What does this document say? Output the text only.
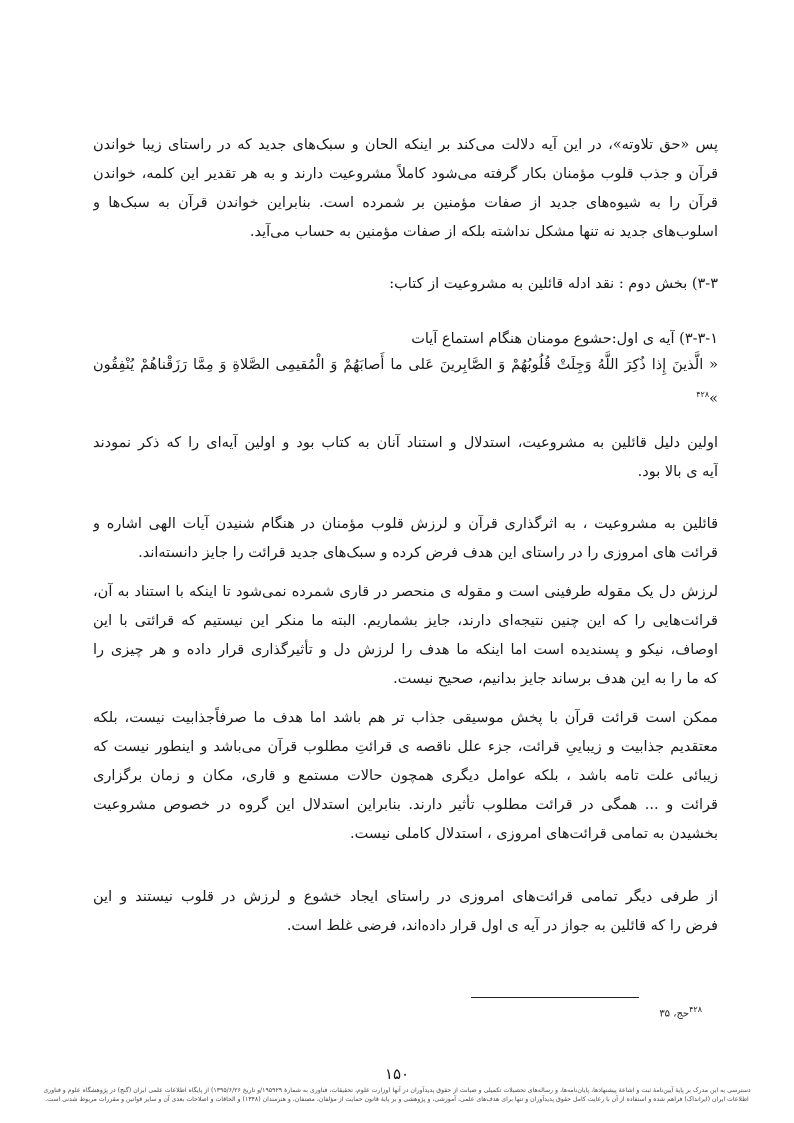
پس «حق تلاوته»، در این آیه دلالت می‌کند بر اینکه الحان و سبک‌های جدید که در راستای زیبا خواندن
قرآن و جذب قلوب مؤمنان بکار گرفته می‌شود کاملاً مشروعیت دارند و به هر تقدیر این کلمه، خواندن
قرآن را به شیوه‌های جدید از صفات مؤمنین بر شمرده است. بنابراین خواندن قرآن به سبک‌ها و
اسلوب‌های جدید نه تنها مشکل نداشته بلکه از صفات مؤمنین به حساب می‌آید.
۳-۳) بخش دوم : نقد ادله قائلین به مشروعیت از کتاب:
۳-۳-۱) آیه ی اول:حشوع مومنان هنگام استماع آیات
« الَّذینَ إِذا ذُکِرَ اللَّهُ وَجِلَتْ قُلُوبُهُمْ وَ الصَّابِرینَ عَلی‏ ما أَصابَهُمْ وَ الْمُقیمِی الصَّلاةِ وَ مِمَّا رَزَقْناهُمْ یُنْفِقُون
»$^{۴۲۸}$
اولین دلیل قائلین به مشروعیت، استدلال و استناد آنان به کتاب بود و اولین آیه‌ای را که ذکر نمودند
آیه ی بالا بود.
قائلین به مشروعیت ، به اثرگذاری قرآن و لرزش قلوب مؤمنان در هنگام شنیدن آیات الهی اشاره و
قرائت های امروزی را در راستای این هدف فرض کرده و سبک‌های جدید قرائت را جایز دانسته‌اند.
لرزش دل یک مقوله طرفینی است و مقوله ی منحصر در قاری شمرده نمی‌شود تا اینکه با استناد به آن،
قرائت‌هایی را که این چنین نتیجه‌ای دارند، جایز بشماریم. البته ما منکر این نیستیم که قرائتی با این
اوصاف، نیکو و پسندیده است اما اینکه ما هدف را لرزش دل و تأثیرگذاری قرار داده و هر چیزی را
که ما را به این هدف برساند جایز بدانیم، صحیح نیست.
ممکن است قرائت قرآن با پخش موسیقی جذاب تر هم باشد اما هدف ما صرفاًجذابیت نیست، بلکه
معتقدیم جذابیت و زیباییِ قرائت، جزء علل ناقصه ی قرائتِ مطلوب قرآن می‌باشد و اینطور نیست که
زیبائی علت تامه باشد ، بلکه عوامل دیگری همچون حالات مستمع و قاری، مکان و زمان برگزاری
قرائت و ... همگی در قرائت مطلوب تأثیر دارند. بنابراین استدلال این گروه در خصوص مشروعیت
بخشیدن به تمامی قرائت‌های امروزی ، استدلال کاملی نیست.
از طرفی دیگر تمامی قرائت‌های امروزی در راستای ایجاد خشوع و لرزش در قلوب نیستند و این
فرض را که قائلین به جواز در آیه ی اول قرار داده‌اند، فرضی غلط است.
$^{۴۲۸}$حج، ۳۵
۱۵۰
دسترسی به این مدرک بر پایهٔ آیین‌نامهٔ ثبت و اشاعهٔ پیشنهادها، پایان‌نامه‌ها، و رساله‌های تحصیلات تکمیلی و صیانت از حقوق پدیدآوران در آنها (وزارت علوم، تحقیقات، فناوری به شمارهٔ ۱۹۵۹۲۹/و تاریخ ۱۳۹۵/۶/۲۶) از پایگاه اطلاعات علمی ایران (گنج) در پژوهشگاه علوم و فناوری
اطلاعات ایران (ایرانداک) فراهم شده و استفاده از آن با رعایت کامل حقوق پدیدآوران و تنها برای هدف‌های علمی، آموزشی، و پژوهشی و بر پایهٔ قانون حمایت از مؤلفان، مصنفان، و هنرمندان (۱۳۴۸) و الحاقات و اصلاحات بعدی آن و سایر قوانین و مقررات مربوط شدنی است.
